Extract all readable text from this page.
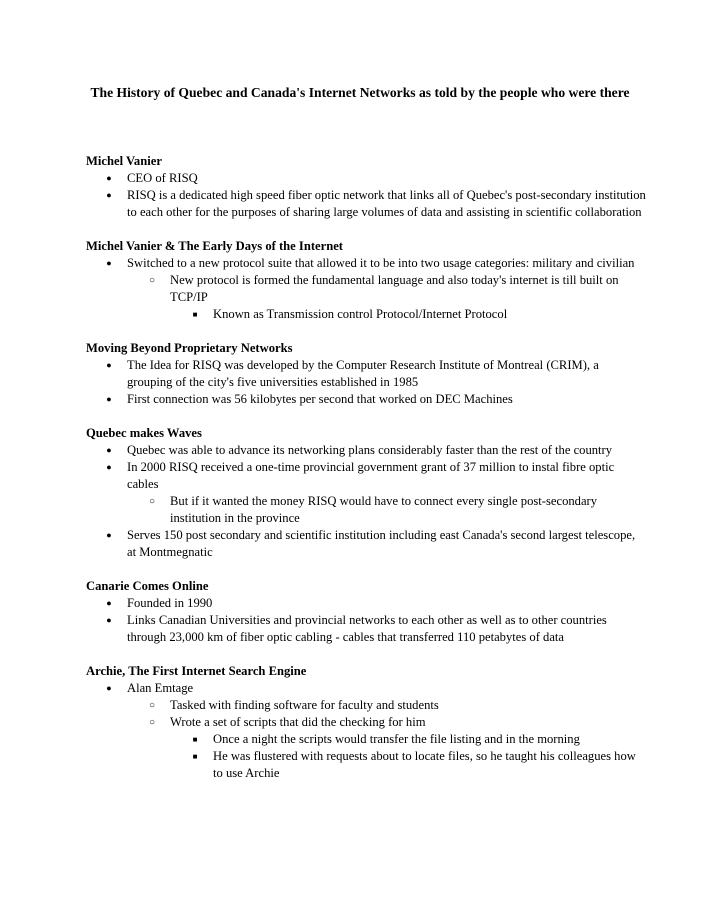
The History of Quebec and Canada's Internet Networks as told by the people who were there
Michel Vanier
●
CEO of RISQ
●
RISQ is a dedicated high speed fiber optic network that links all of Quebec's post-secondary institution to each other for the purposes of sharing large volumes of data and assisting in scientific collaboration
Michel Vanier & The Early Days of the Internet
●
Switched to a new protocol suite that allowed it to be into two usage categories: military and civilian
○
New protocol is formed the fundamental language and also today's internet is till built on TCP/IP
■
Known as Transmission control Protocol/Internet Protocol
Moving Beyond Proprietary Networks
●
The Idea for RISQ was developed by the Computer Research Institute of Montreal (CRIM), a grouping of the city's five universities established in 1985
●
First connection was 56 kilobytes per second that worked on DEC Machines
Quebec makes Waves
●
Quebec was able to advance its networking plans considerably faster than the rest of the country
●
In 2000 RISQ received a one-time provincial government grant of 37 million to instal fibre optic cables
○
But if it wanted the money RISQ would have to connect every single post-secondary institution in the province
●
Serves 150 post secondary and scientific institution including east Canada's second largest telescope, at Montmegnatic
Canarie Comes Online
●
Founded in 1990
●
Links Canadian Universities and provincial networks to each other as well as to other countries through 23,000 km of fiber optic cabling - cables that transferred 110 petabytes of data
Archie, The First Internet Search Engine
●
Alan Emtage
○
Tasked with finding software for faculty and students
○
Wrote a set of scripts that did the checking for him
■
Once a night the scripts would transfer the file listing and in the morning
■
He was flustered with requests about to locate files, so he taught his colleagues how to use Archie
